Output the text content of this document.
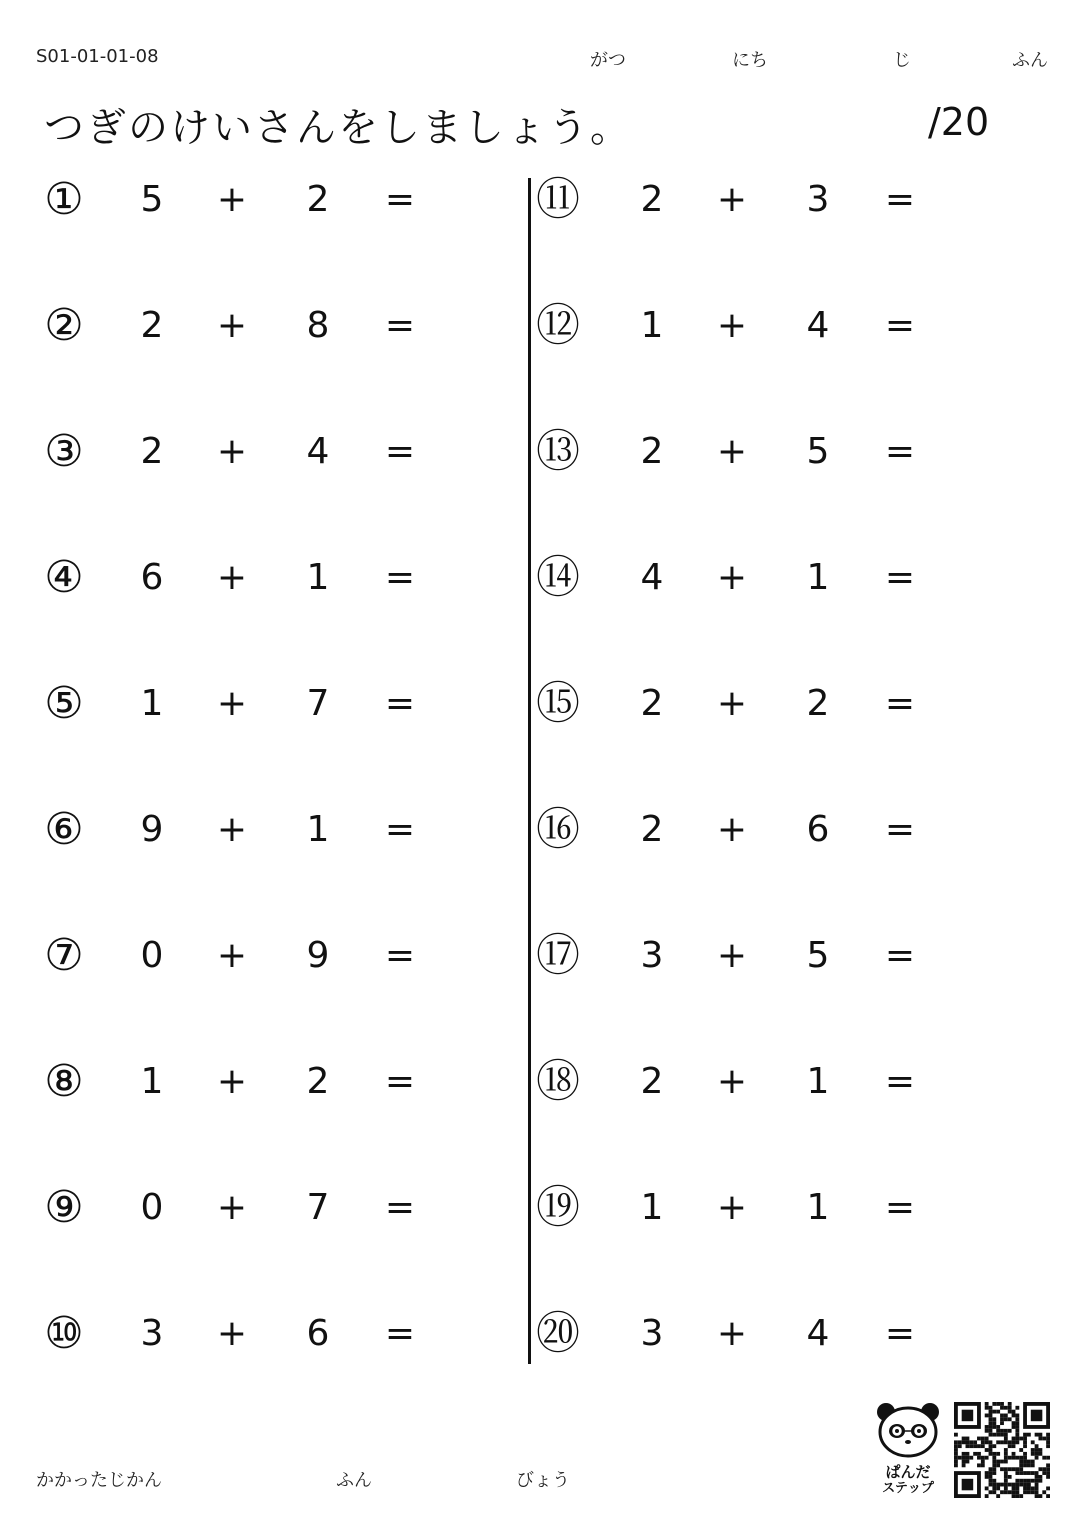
S01-01-01-08	がつ	にち	じ	ふん
つぎのけいさんをしましょう。	/20
①	5	+	2	=
②	2	+	8	=
③	2	+	4	=
④	6	+	1	=
⑤	1	+	7	=
⑥	9	+	1	=
⑦	0	+	9	=
⑧	1	+	2	=
⑨	0	+	7	=
⑩	3	+	6	=
⑪	2	+	3	=
⑫	1	+	4	=
⑬	2	+	5	=
⑭	4	+	1	=
⑮	2	+	2	=
⑯	2	+	6	=
⑰	3	+	5	=
⑱	2	+	1	=
⑲	1	+	1	=
⑳	3	+	4	=
かかったじかん	ふん	びょう	ぱんだ
ステップ
